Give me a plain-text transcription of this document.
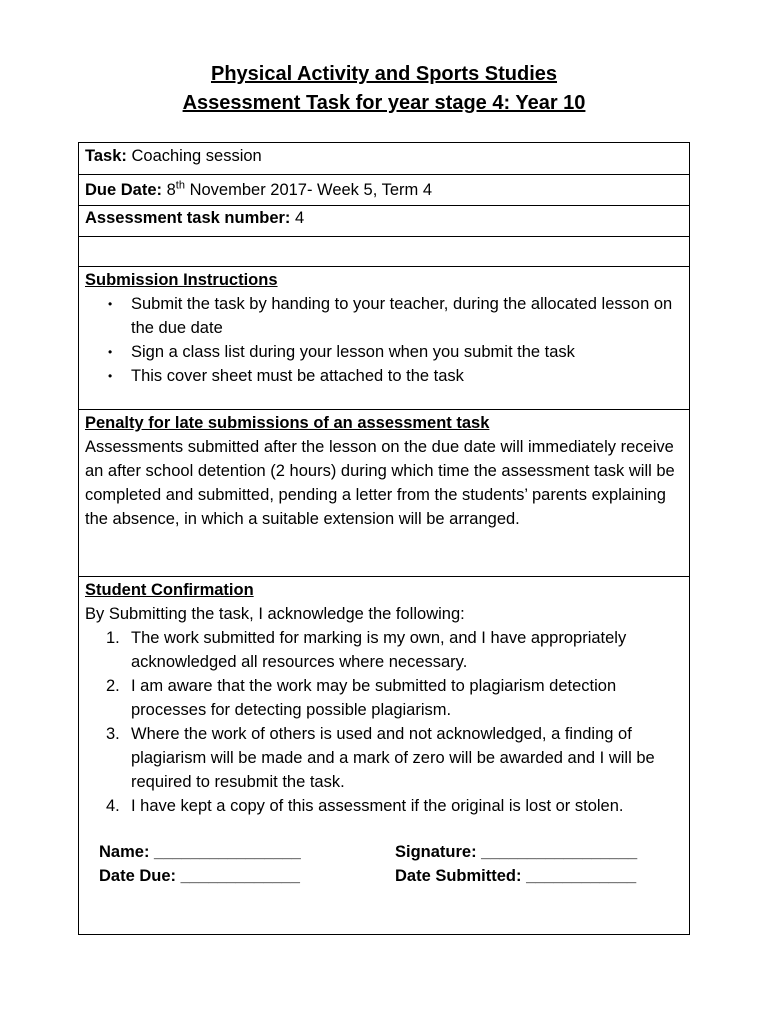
Physical Activity and Sports Studies
Assessment Task for year stage 4: Year 10
Task: Coaching session
Due Date: 8th November 2017- Week 5, Term 4
Assessment task number: 4
Submission Instructions
• Submit the task by handing to your teacher, during the allocated lesson on the due date
• Sign a class list during your lesson when you submit the task
• This cover sheet must be attached to the task
Penalty for late submissions of an assessment task
Assessments submitted after the lesson on the due date will immediately receive an after school detention (2 hours) during which time the assessment task will be completed and submitted, pending a letter from the students’ parents explaining the absence, in which a suitable extension will be arranged.
Student Confirmation
By Submitting the task, I acknowledge the following:
1. The work submitted for marking is my own, and I have appropriately acknowledged all resources where necessary.
2. I am aware that the work may be submitted to plagiarism detection processes for detecting possible plagiarism.
3. Where the work of others is used and not acknowledged, a finding of plagiarism will be made and a mark of zero will be awarded and I will be required to resubmit the task.
4. I have kept a copy of this assessment if the original is lost or stolen.
Name: ________________	Signature: _________________
Date Due: _____________	Date Submitted: ____________
